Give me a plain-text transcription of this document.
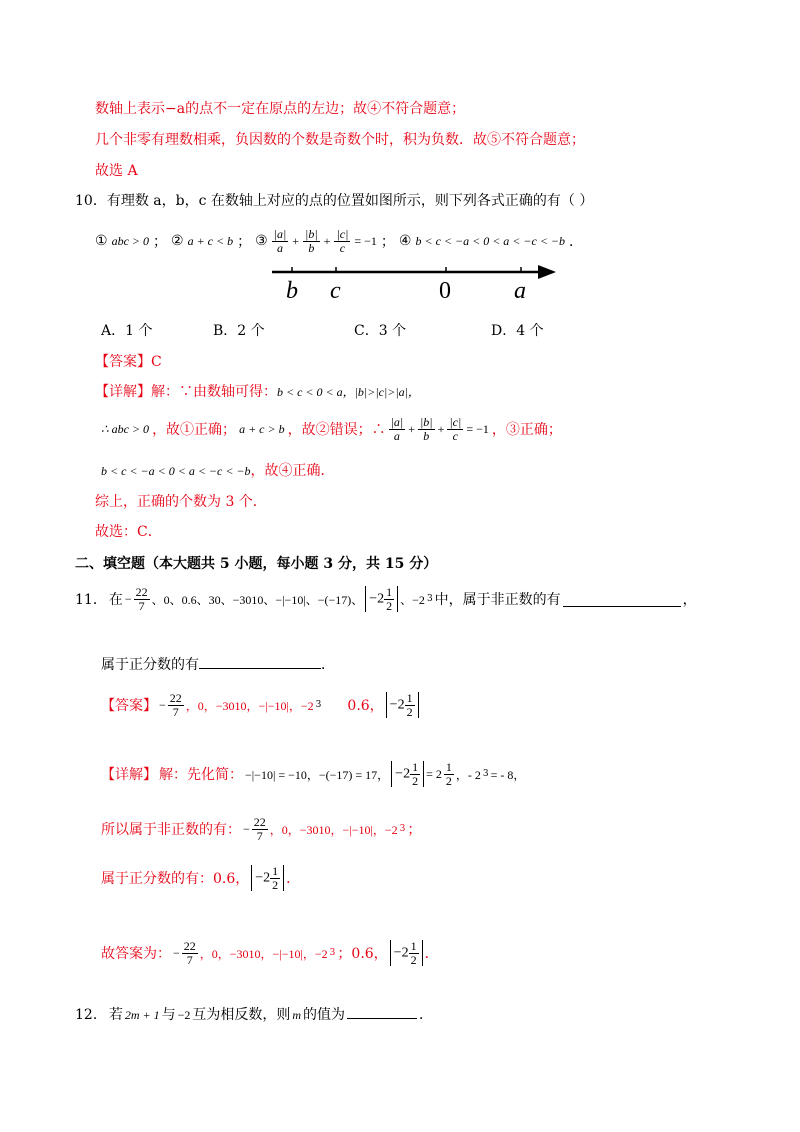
数轴上表示−a的点不一定在原点的左边；故④不符合题意；
几个非零有理数相乘，负因数的个数是奇数个时，积为负数．故⑤不符合题意；
故选 A
10．有理数 a，b，c 在数轴上对应的点的位置如图所示，则下列各式正确的有（ ）
① abc > 0 ； ② a + c < b ； ③ $\frac{|a|}{a} + \frac{|b|}{b} + \frac{|c|}{c} = -1$ ； ④ b < c < −a < 0 < a < −c < −b ．
b c	0	a
A．1 个	B．2 个	C．3 个	D．4 个
【答案】C
【详解】解：∵由数轴可得：b < c < 0 < a，|b|>|c|>|a|，
∴ abc > 0 ，故①正确； a + c > b ，故②错误；∴ $\frac{|a|}{a} + \frac{|b|}{b} + \frac{|c|}{c} = -1$ ，③正确；
b < c < −a < 0 < a < −c < −b，故④正确．
综上，正确的个数为 3 个．
故选：C．
二、填空题（本大题共 5 小题，每小题 3 分，共 15 分）
11． 在 − $\frac{22}{7}$ 、0、0.6、30、−3010、−|−10|、−(−17)、 $-2 \frac{1}{2}$ 、−2 3 中，属于非正数的有	，
属于正分数的有	．
【答案】 − $\frac{22}{7}$ ，0，−3010，−|−10|，−2 3 0.6， $-2 \frac{1}{2}$
【详解】 解：先化简： −|−10| = −10，−(−17) = 17， $-2 \frac{1}{2} = 2 \frac{1}{2}$ ，- 2 3 = - 8，
所以属于非正数的有： − $\frac{22}{7}$ ，0，−3010，−|−10|，−2 3 ；
属于正分数的有：0.6， $-2 \frac{1}{2}$ ．
故答案为： − $\frac{22}{7}$ ，0，−3010，−|−10|，−2 3 ；0.6， $-2 \frac{1}{2}$ ．
12． 若 2m + 1 与 −2 互为相反数，则 m 的值为	．
